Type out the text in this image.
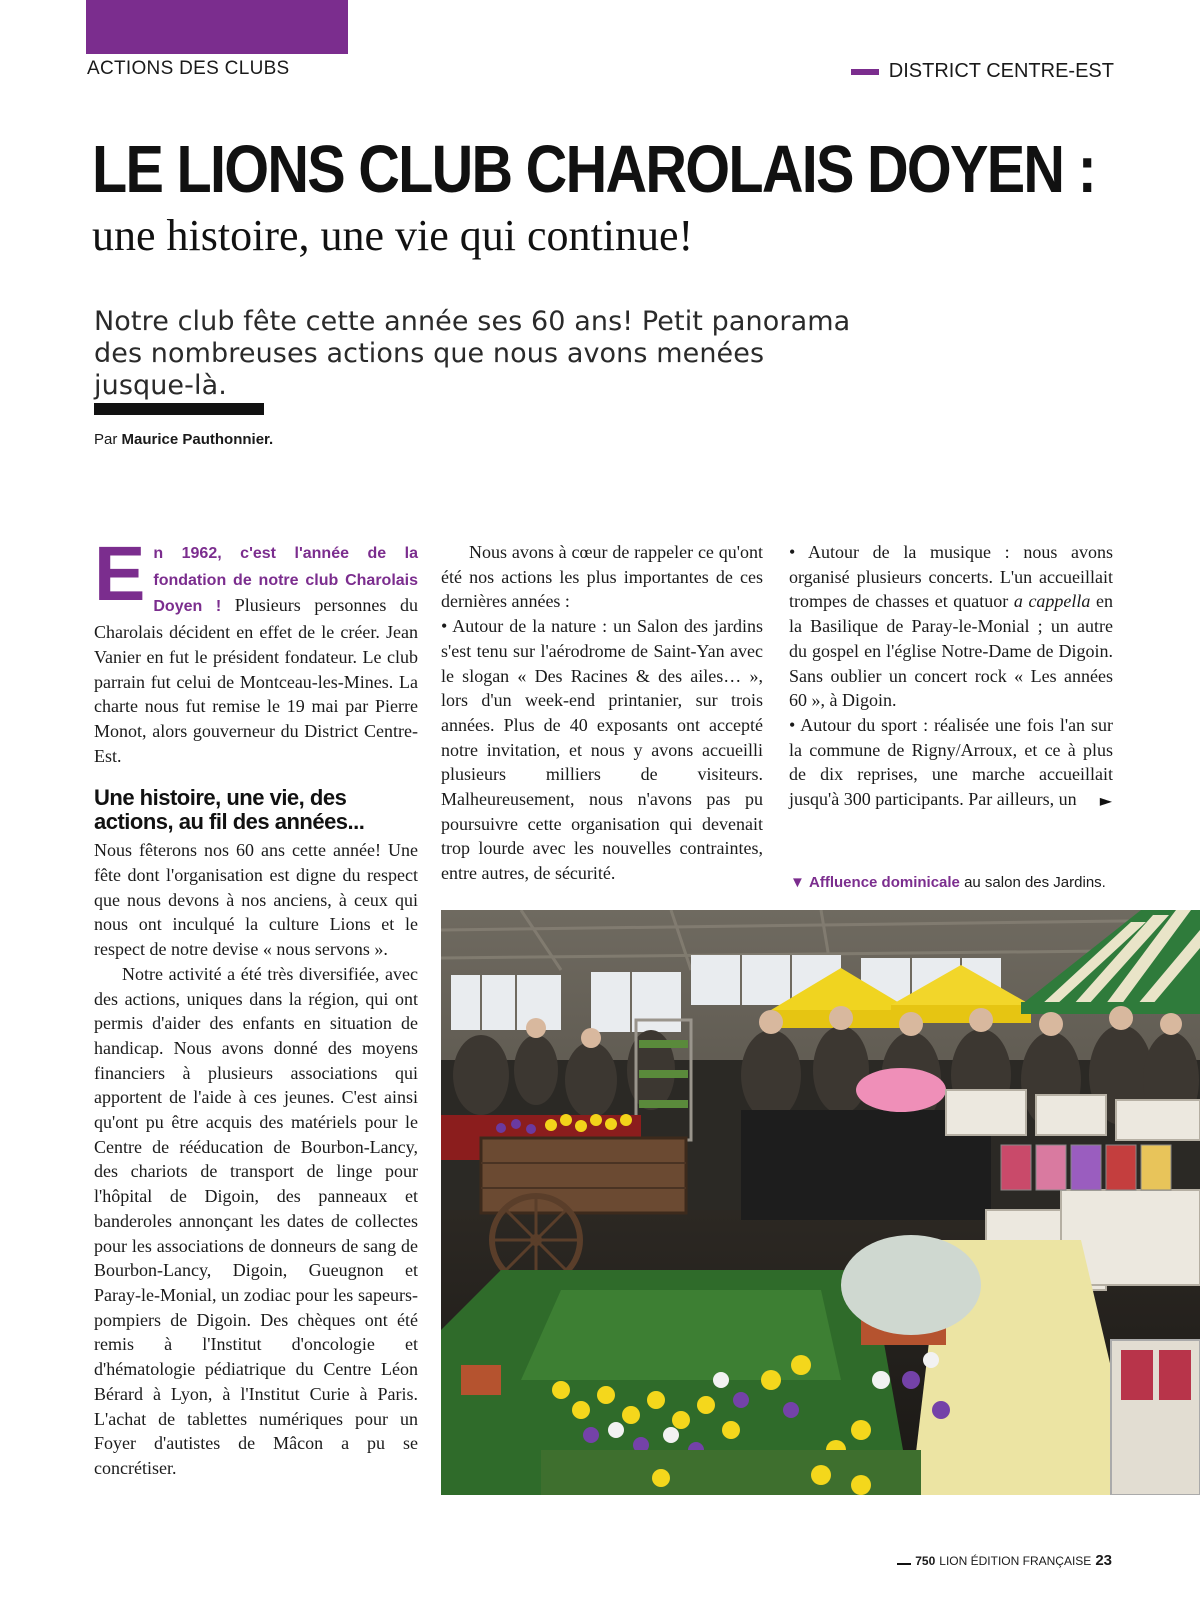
ACTIONS DES CLUBS	DISTRICT CENTRE-EST
LE LIONS CLUB CHAROLAIS DOYEN :
une histoire, une vie qui continue!

Notre club fête cette année ses 60 ans! Petit panorama des nombreuses actions que nous avons menées jusque-là.

Par Maurice Pauthonnier.

En 1962, c'est l'année de la fondation de notre club Charolais Doyen ! Plusieurs personnes du Charolais décident en effet de le créer. Jean Vanier en fut le président fondateur. Le club parrain fut celui de Montceau-les-Mines. La charte nous fut remise le 19 mai par Pierre Monot, alors gouverneur du District Centre-Est.

Une histoire, une vie, des actions, au fil des années...

Nous fêterons nos 60 ans cette année! Une fête dont l'organisation est digne du respect que nous devons à nos anciens, à ceux qui nous ont inculqué la culture Lions et le respect de notre devise « nous servons ».

Notre activité a été très diversifiée, avec des actions, uniques dans la région, qui ont permis d'aider des enfants en situation de handicap. Nous avons donné des moyens financiers à plusieurs associations qui apportent de l'aide à ces jeunes. C'est ainsi qu'ont pu être acquis des matériels pour le Centre de rééducation de Bourbon-Lancy, des chariots de transport de linge pour l'hôpital de Digoin, des panneaux et banderoles annonçant les dates de collectes pour les associations de donneurs de sang de Bourbon-Lancy, Digoin, Gueugnon et Paray-le-Monial, un zodiac pour les sapeurs-pompiers de Digoin. Des chèques ont été remis à l'Institut d'oncologie et d'hématologie pédiatrique du Centre Léon Bérard à Lyon, à l'Institut Curie à Paris. L'achat de tablettes numériques pour un Foyer d'autistes de Mâcon a pu se concrétiser.

Nous avons à cœur de rappeler ce qu'ont été nos actions les plus importantes de ces dernières années :

• Autour de la nature : un Salon des jardins s'est tenu sur l'aérodrome de Saint-Yan avec le slogan « Des Racines & des ailes… », lors d'un week-end printanier, sur trois années. Plus de 40 exposants ont accepté notre invitation, et nous y avons accueilli plusieurs milliers de visiteurs. Malheureusement, nous n'avons pas pu poursuivre cette organisation qui devenait trop lourde avec les nouvelles contraintes, entre autres, de sécurité.

• Autour de la musique : nous avons organisé plusieurs concerts. L'un accueillait trompes de chasses et quatuor a cappella en la Basilique de Paray-le-Monial ; un autre du gospel en l'église Notre-Dame de Digoin. Sans oublier un concert rock « Les années 60 », à Digoin.

• Autour du sport : réalisée une fois l'an sur la commune de Rigny/Arroux, et ce à plus de dix reprises, une marche accueillait jusqu'à 300 participants. Par ailleurs, un	►
▼ Affluence dominicale au salon des Jardins.
750 LION ÉDITION FRANÇAISE 23
